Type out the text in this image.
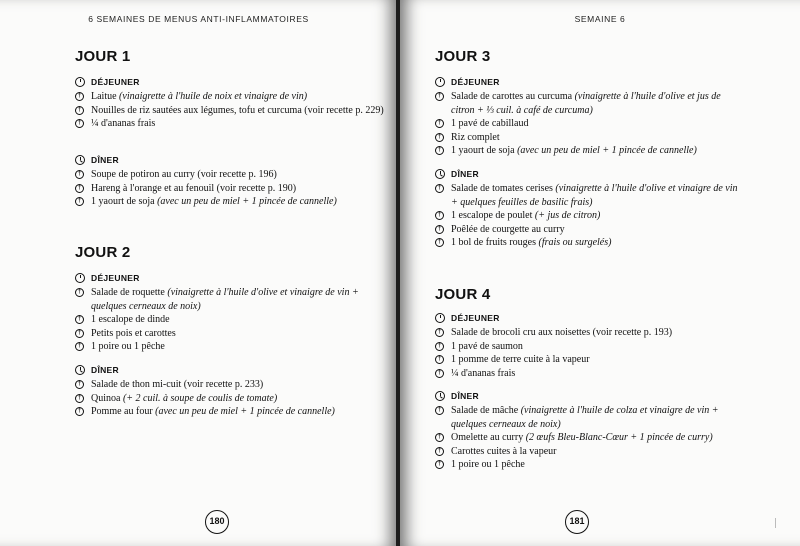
6 SEMAINES DE MENUS ANTI-INFLAMMATOIRES
JOUR 1
DÉJEUNER

†
Laitue (vinaigrette à l'huile de noix et vinaigre de vin)

†
Nouilles de riz sautées aux légumes, tofu et curcuma (voir recette p. 229)

†
¼ d'ananas frais

DÎNER

†
Soupe de potiron au curry (voir recette p. 196)

†
Hareng à l'orange et au fenouil (voir recette p. 190)

†
1 yaourt de soja (avec un peu de miel + 1 pincée de cannelle)

JOUR 2
DÉJEUNER

†
Salade de roquette (vinaigrette à l'huile d'olive et vinaigre de vin + quelques cerneaux de noix)

†
1 escalope de dinde

†
Petits pois et carottes

†
1 poire ou 1 pêche

DÎNER

†
Salade de thon mi-cuit (voir recette p. 233)

†
Quinoa (+ 2 cuil. à soupe de coulis de tomate)

†
Pomme au four (avec un peu de miel + 1 pincée de cannelle)

180
SEMAINE 6
JOUR 3
DÉJEUNER

†
Salade de carottes au curcuma (vinaigrette à l'huile d'olive et jus de citron + ⅓ cuil. à café de curcuma)

†
1 pavé de cabillaud

†
Riz complet

†
1 yaourt de soja (avec un peu de miel + 1 pincée de cannelle)

DÎNER

†
Salade de tomates cerises (vinaigrette à l'huile d'olive et vinaigre de vin + quelques feuilles de basilic frais)

†
1 escalope de poulet (+ jus de citron)

†
Poêlée de courgette au curry

†
1 bol de fruits rouges (frais ou surgelés)

JOUR 4
DÉJEUNER

†
Salade de brocoli cru aux noisettes (voir recette p. 193)

†
1 pavé de saumon

†
1 pomme de terre cuite à la vapeur

†
¼ d'ananas frais

DÎNER

†
Salade de mâche (vinaigrette à l'huile de colza et vinaigre de vin + quelques cerneaux de noix)

†
Omelette au curry (2 œufs Bleu-Blanc-Cœur + 1 pincée de curry)

†
Carottes cuites à la vapeur

†
1 poire ou 1 pêche

181
